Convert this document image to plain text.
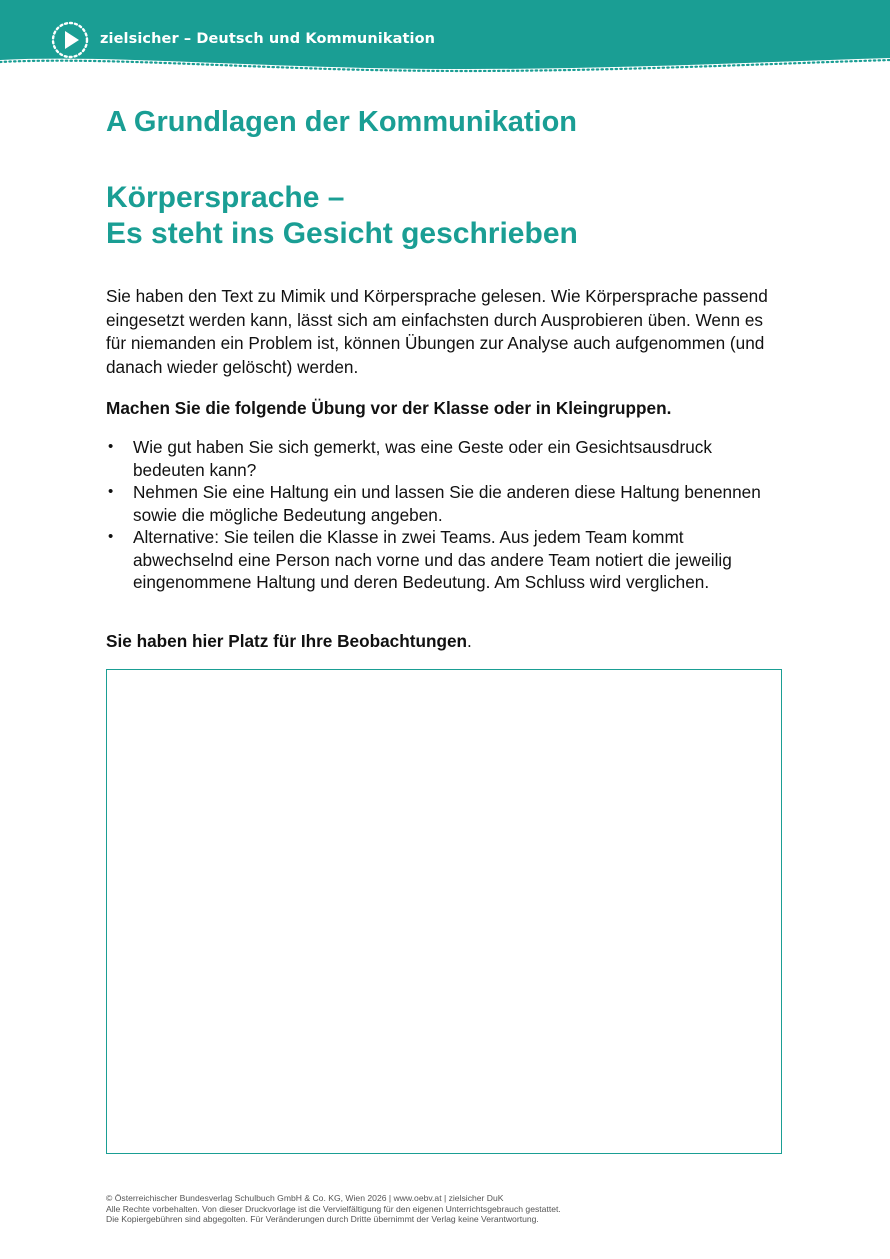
zielsicher – Deutsch und Kommunikation
A Grundlagen der Kommunikation
Körpersprache –
Es steht ins Gesicht geschrieben

Sie haben den Text zu Mimik und Körpersprache gelesen. Wie Körpersprache passend eingesetzt werden kann, lässt sich am einfachsten durch Ausprobieren üben. Wenn es für niemanden ein Problem ist, können Übungen zur Analyse auch aufgenommen (und danach wieder gelöscht) werden.

Machen Sie die folgende Übung vor der Klasse oder in Kleingruppen.
• Wie gut haben Sie sich gemerkt, was eine Geste oder ein Gesichtsausdruck bedeuten kann?
• Nehmen Sie eine Haltung ein und lassen Sie die anderen diese Haltung benennen sowie die mögliche Bedeutung angeben.
• Alternative: Sie teilen die Klasse in zwei Teams. Aus jedem Team kommt abwechselnd eine Person nach vorne und das andere Team notiert die jeweilig eingenommene Haltung und deren Bedeutung. Am Schluss wird verglichen.
Sie haben hier Platz für Ihre Beobachtungen.
© Österreichischer Bundesverlag Schulbuch GmbH & Co. KG, Wien 2026 | www.oebv.at | zielsicher DuK
Alle Rechte vorbehalten. Von dieser Druckvorlage ist die Vervielfältigung für den eigenen Unterrichtsgebrauch gestattet.
Die Kopiergebühren sind abgegolten. Für Veränderungen durch Dritte übernimmt der Verlag keine Verantwortung.
